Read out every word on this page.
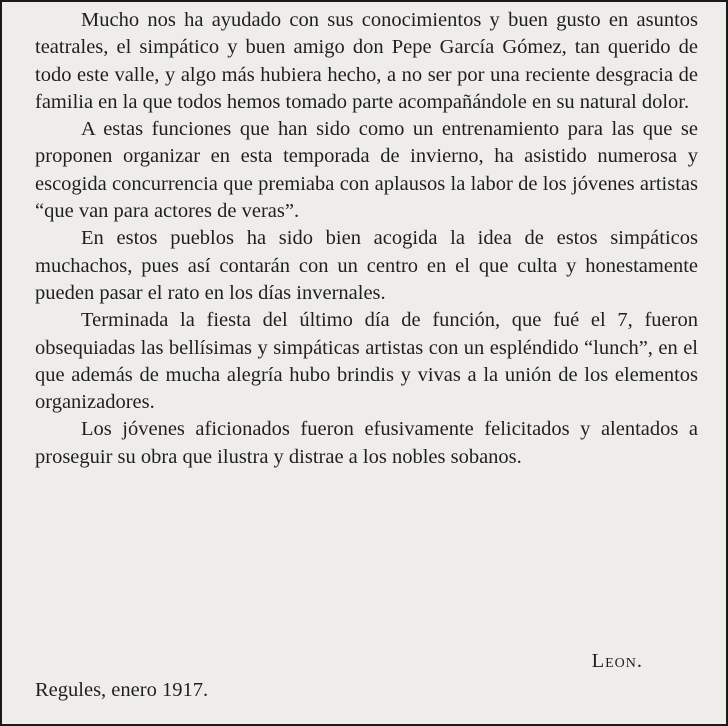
Mucho nos ha ayudado con sus conocimientos y buen gusto en asuntos teatrales, el simpático y buen amigo don Pepe García Gómez, tan querido de todo este valle, y algo más hubiera hecho, a no ser por una reciente desgracia de familia en la que todos hemos tomado parte acompañándole en su natural dolor.

A estas funciones que han sido como un entrenamiento para las que se proponen organizar en esta temporada de invierno, ha asistido numerosa y escogida concurrencia que premiaba con aplausos la labor de los jóvenes artistas “que van para actores de veras”.

En estos pueblos ha sido bien acogida la idea de estos simpáticos muchachos, pues así contarán con un centro en el que culta y honestamente pueden pasar el rato en los días invernales.

Terminada la fiesta del último día de función, que fué el 7, fueron obsequiadas las bellísimas y simpáticas artistas con un espléndido “lunch”, en el que además de mucha alegría hubo brindis y vivas a la unión de los elementos organizadores.

Los jóvenes aficionados fueron efusivamente felicitados y alentados a proseguir su obra que ilustra y distrae a los nobles sobanos.

Leon.
Regules, enero 1917.
